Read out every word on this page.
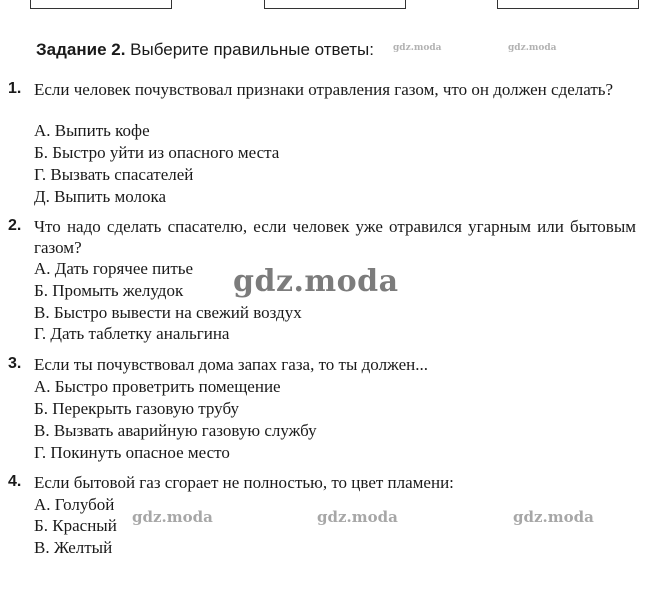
Задание 2. Выберите правильные ответы:
1. Если человек почувствовал признаки отравления газом, что он должен сделать?
А. Выпить кофе
Б. Быстро уйти из опасного места
Г. Вызвать спасателей
Д. Выпить молока
2. Что надо сделать спасателю, если человек уже отравился угарным или бытовым газом?
А. Дать горячее питье
Б. Промыть желудок
В. Быстро вывести на свежий воздух
Г. Дать таблетку анальгина
3. Если ты почувствовал дома запах газа, то ты должен...
А. Быстро проветрить помещение
Б. Перекрыть газовую трубу
В. Вызвать аварийную газовую службу
Г. Покинуть опасное место
4. Если бытовой газ сгорает не полностью, то цвет пламени:
А. Голубой
Б. Красный
В. Желтый
gdz.moda	gdz.moda
gdz.moda
gdz.moda	gdz.moda	gdz.moda
